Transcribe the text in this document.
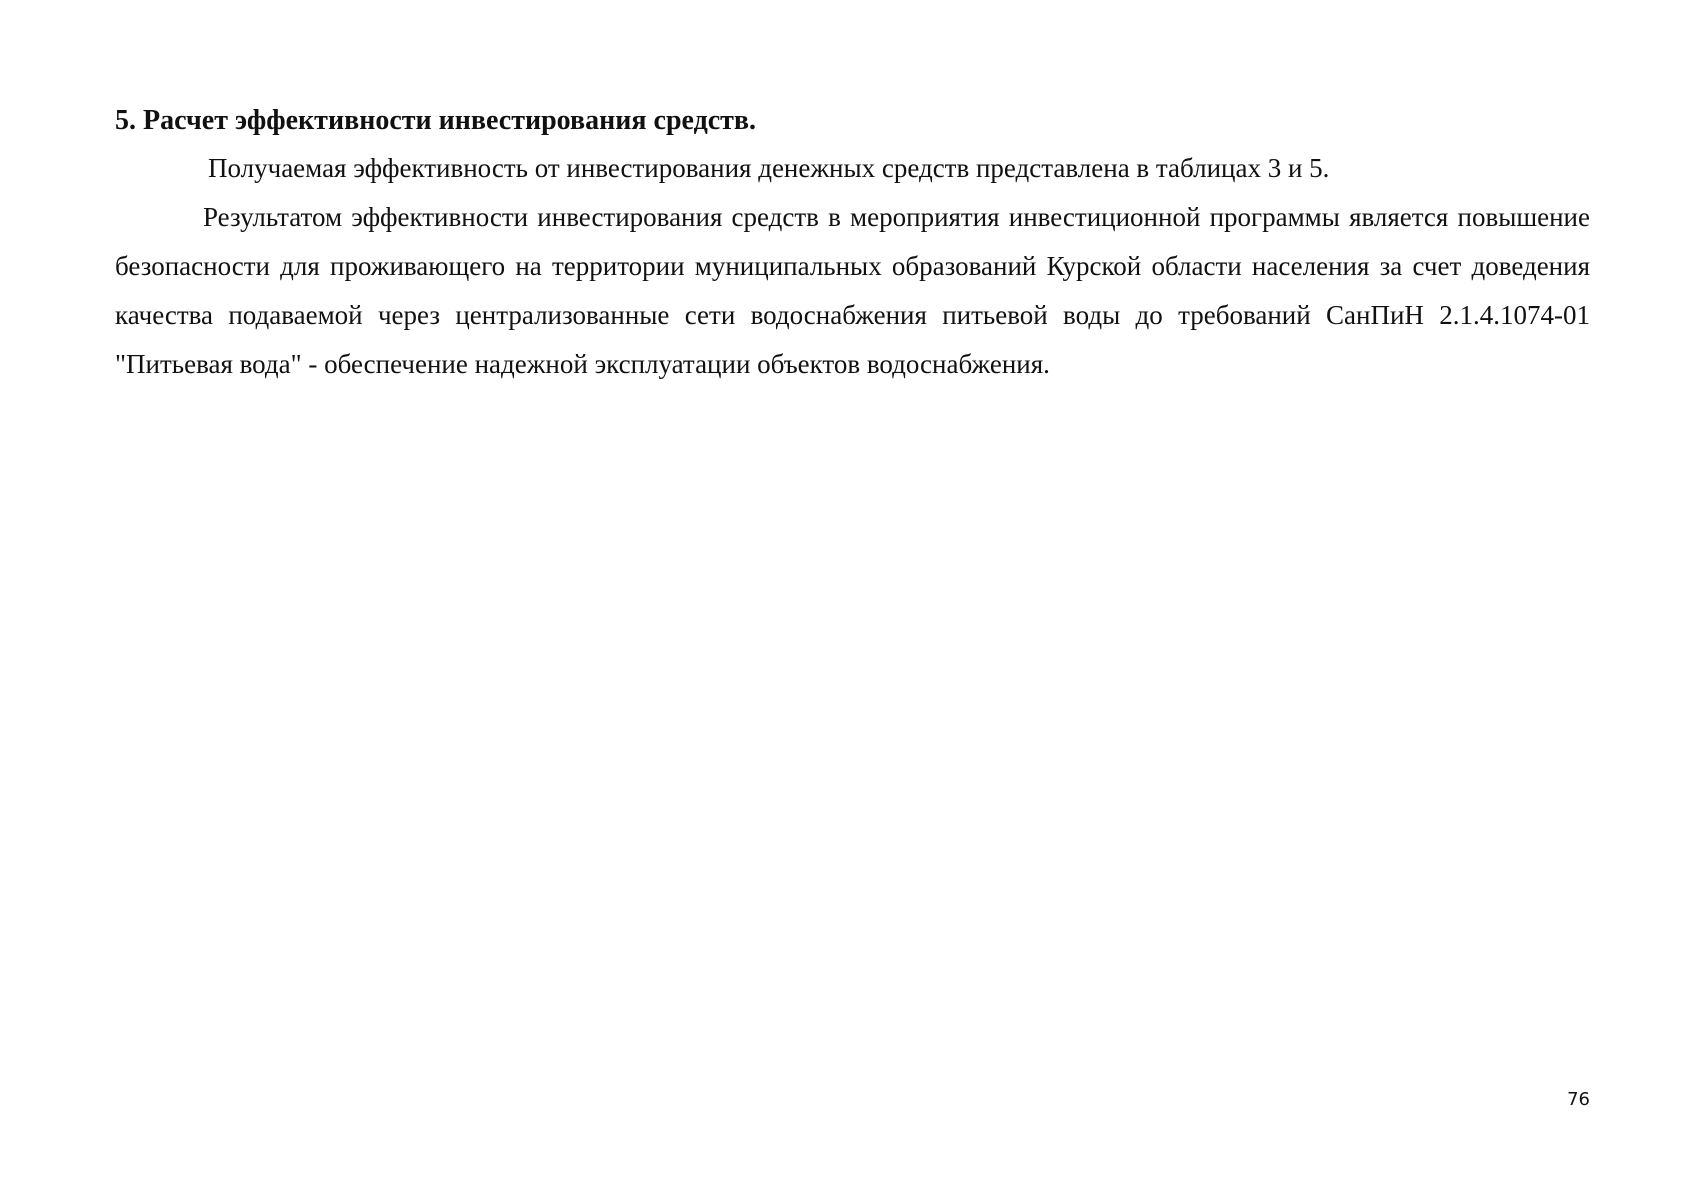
5. Расчет эффективности инвестирования средств.

Получаемая эффективность от инвестирования денежных средств представлена в таблицах 3 и 5.

Результатом эффективности инвестирования средств в мероприятия инвестиционной программы является повышение безопасности для проживающего на территории муниципальных образований Курской области населения за счет доведения качества подаваемой через централизованные сети водоснабжения питьевой воды до требований СанПиН 2.1.4.1074-01 "Питьевая вода" - обеспечение надежной эксплуатации объектов водоснабжения.

76
